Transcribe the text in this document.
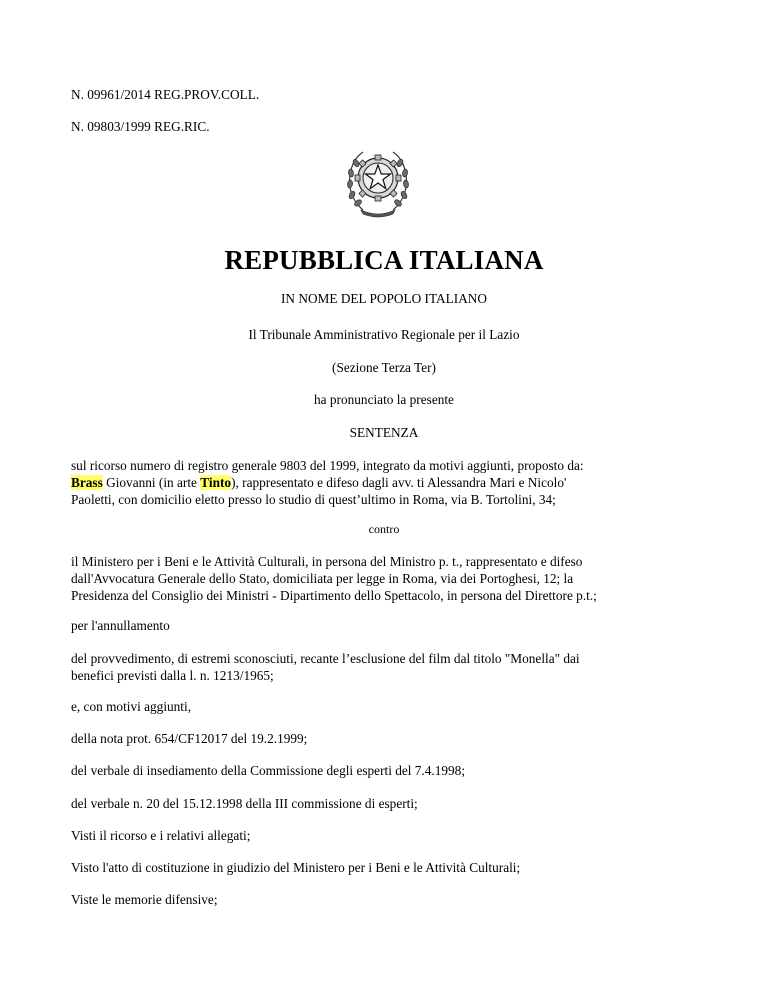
N. 09961/2014 REG.PROV.COLL.
N. 09803/1999 REG.RIC.
REPUBBLICA ITALIANA
IN NOME DEL POPOLO ITALIANO
Il Tribunale Amministrativo Regionale per il Lazio
(Sezione Terza Ter)
ha pronunciato la presente
SENTENZA
sul ricorso numero di registro generale 9803 del 1999, integrato da motivi aggiunti, proposto da:
Brass Giovanni (in arte Tinto), rappresentato e difeso dagli avv. ti Alessandra Mari e Nicolo'
Paoletti, con domicilio eletto presso lo studio di quest’ultimo in Roma, via B. Tortolini, 34;
contro
il Ministero per i Beni e le Attività Culturali, in persona del Ministro p. t., rappresentato e difeso
dall'Avvocatura Generale dello Stato, domiciliata per legge in Roma, via dei Portoghesi, 12; la
Presidenza del Consiglio dei Ministri - Dipartimento dello Spettacolo, in persona del Direttore p.t.;
per l'annullamento
del provvedimento, di estremi sconosciuti, recante l’esclusione del film dal titolo "Monella" dai
benefici previsti dalla l. n. 1213/1965;
e, con motivi aggiunti,
della nota prot. 654/CF12017 del 19.2.1999;
del verbale di insediamento della Commissione degli esperti del 7.4.1998;
del verbale n. 20 del 15.12.1998 della III commissione di esperti;
Visti il ricorso e i relativi allegati;
Visto l'atto di costituzione in giudizio del Ministero per i Beni e le Attività Culturali;
Viste le memorie difensive;
